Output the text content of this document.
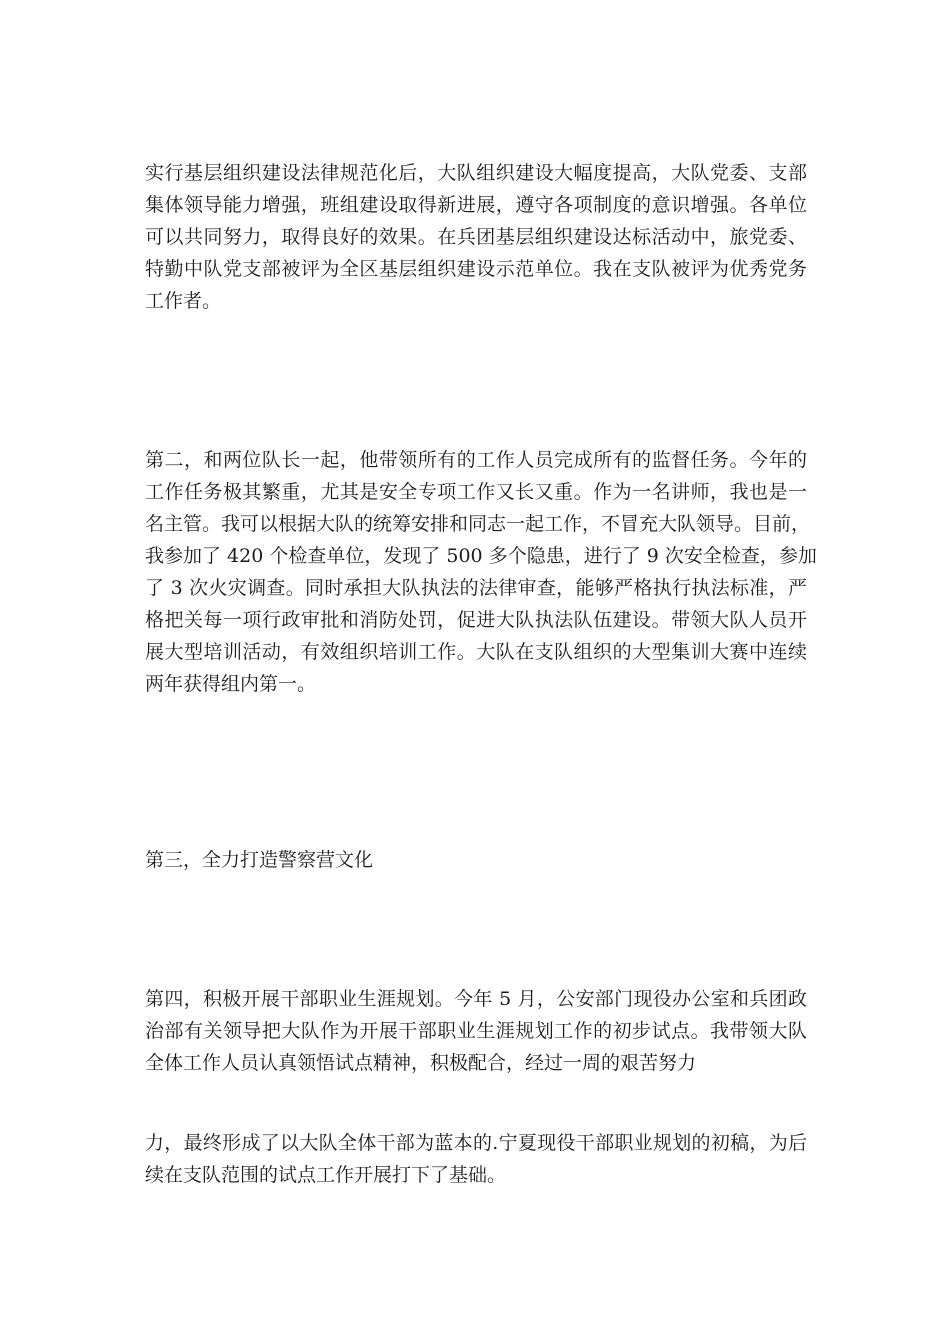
实行基层组织建设法律规范化后，大队组织建设大幅度提高，大队党委、支部
集体领导能力增强，班组建设取得新进展，遵守各项制度的意识增强。各单位
可以共同努力，取得良好的效果。在兵团基层组织建设达标活动中，旅党委、
特勤中队党支部被评为全区基层组织建设示范单位。我在支队被评为优秀党务
工作者。

第二，和两位队长一起，他带领所有的工作人员完成所有的监督任务。今年的
工作任务极其繁重，尤其是安全专项工作又长又重。作为一名讲师，我也是一
名主管。我可以根据大队的统筹安排和同志一起工作，不冒充大队领导。目前，
我参加了 420 个检查单位，发现了 500 多个隐患，进行了 9 次安全检查，参加
了 3 次火灾调查。同时承担大队执法的法律审查，能够严格执行执法标准，严
格把关每一项行政审批和消防处罚，促进大队执法队伍建设。带领大队人员开
展大型培训活动，有效组织培训工作。大队在支队组织的大型集训大赛中连续
两年获得组内第一。

第三，全力打造警察营文化

第四，积极开展干部职业生涯规划。今年 5 月，公安部门现役办公室和兵团政
治部有关领导把大队作为开展干部职业生涯规划工作的初步试点。我带领大队
全体工作人员认真领悟试点精神，积极配合，经过一周的艰苦努力

力，最终形成了以大队全体干部为蓝本的.宁夏现役干部职业规划的初稿，为后
续在支队范围的试点工作开展打下了基础。
